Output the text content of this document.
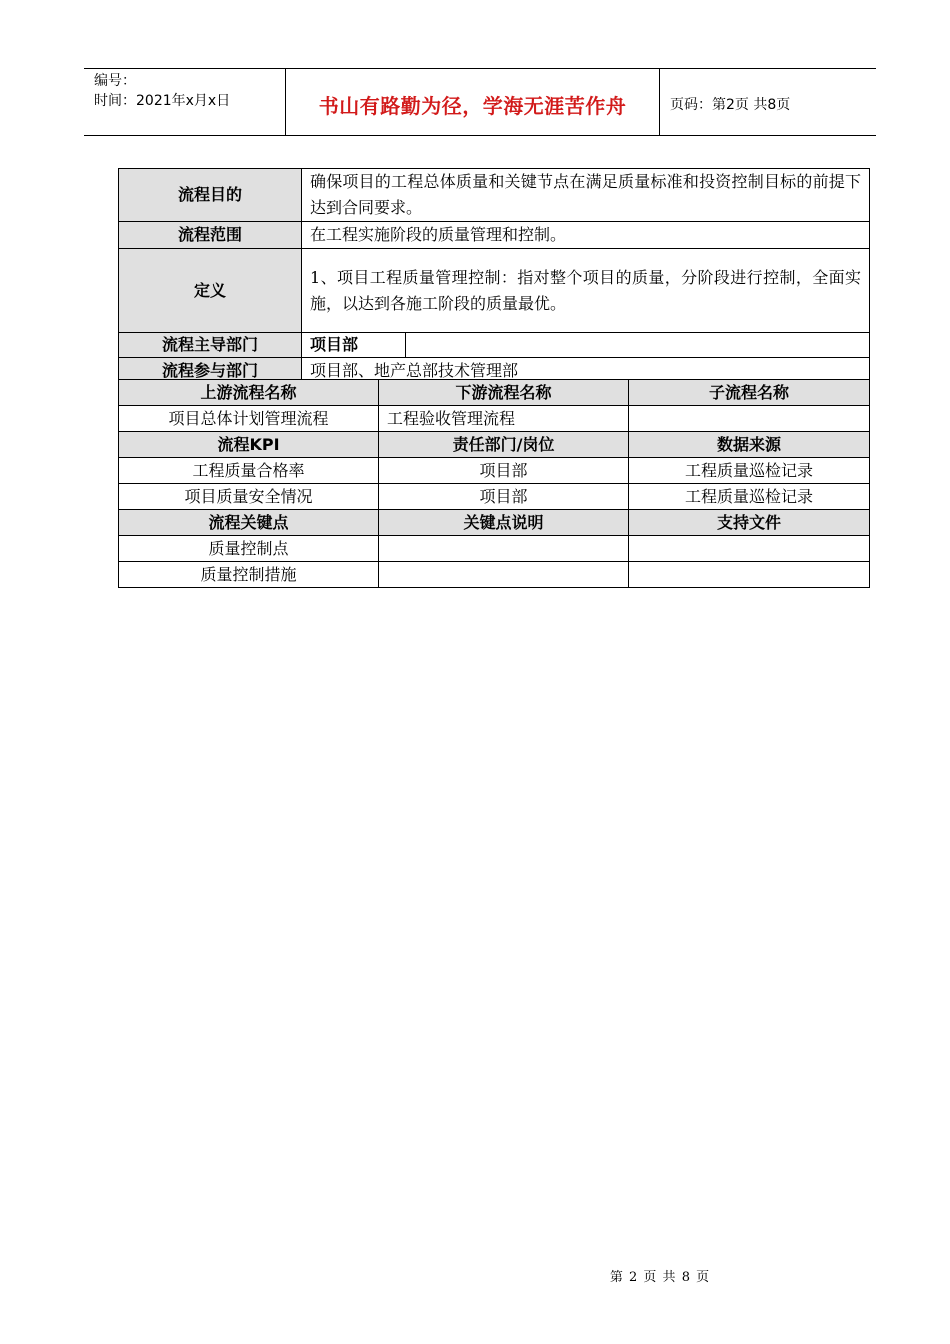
编号：
时间：2021年x月x日	书山有路勤为径，学海无涯苦作舟	页码：第2页 共8页
流程目的	确保项目的工程总体质量和关键节点在满足质量标准和投资控制目标的前提下达到合同要求。	
流程范围	在工程实施阶段的质量管理和控制。	
定义	1、项目工程质量管理控制：指对整个项目的质量，分阶段进行控制，全面实施，以达到各施工阶段的质量最优。	
流程主导部门	项目部	
流程参与部门	项目部、地产总部技术管理部	
上游流程名称	下游流程名称	子流程名称
项目总体计划管理流程	工程验收管理流程	
流程KPI	责任部门/岗位	数据来源
工程质量合格率	项目部	工程质量巡检记录
项目质量安全情况	项目部	工程质量巡检记录
流程关键点	关键点说明	支持文件
质量控制点		
质量控制措施		
第 2 页 共 8 页
